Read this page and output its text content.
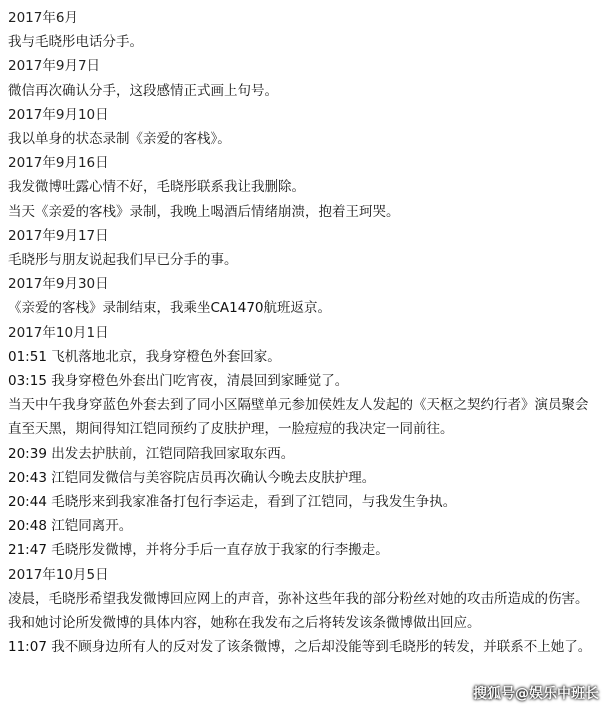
2017年6月

我与毛晓彤电话分手。

2017年9月7日

微信再次确认分手，这段感情正式画上句号。

2017年9月10日

我以单身的状态录制《亲爱的客栈》。

2017年9月16日

我发微博吐露心情不好，毛晓彤联系我让我删除。

当天《亲爱的客栈》录制，我晚上喝酒后情绪崩溃，抱着王珂哭。

2017年9月17日

毛晓彤与朋友说起我们早已分手的事。

2017年9月30日

《亲爱的客栈》录制结束，我乘坐CA1470航班返京。

2017年10月1日

01:51 飞机落地北京，我身穿橙色外套回家。

03:15 我身穿橙色外套出门吃宵夜，清晨回到家睡觉了。

当天中午我身穿蓝色外套去到了同小区隔壁单元参加侯姓友人发起的《天枢之契约行者》演员聚会直至天黑，期间得知江铠同预约了皮肤护理，一脸痘痘的我决定一同前往。

20:39 出发去护肤前，江铠同陪我回家取东西。

20:43 江铠同发微信与美容院店员再次确认今晚去皮肤护理。

20:44 毛晓彤来到我家准备打包行李运走，看到了江铠同，与我发生争执。

20:48 江铠同离开。

21:47 毛晓彤发微博，并将分手后一直存放于我家的行李搬走。

2017年10月5日

凌晨，毛晓彤希望我发微博回应网上的声音，弥补这些年我的部分粉丝对她的攻击所造成的伤害。我和她讨论所发微博的具体内容，她称在我发布之后将转发该条微博做出回应。

11:07 我不顾身边所有人的反对发了该条微博，之后却没能等到毛晓彤的转发，并联系不上她了。

搜狐号@娱乐中班长
